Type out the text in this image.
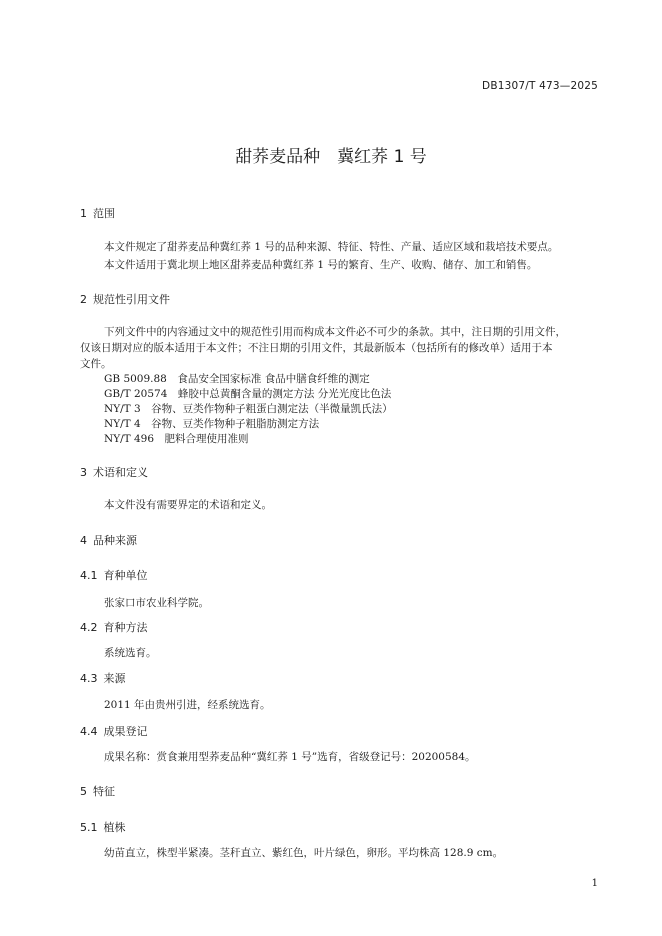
DB1307/T 473—2025
甜荞麦品种　冀红荞 1 号
1 范围
本文件规定了甜荞麦品种冀红荞 1 号的品种来源、特征、特性、产量、适应区域和栽培技术要点。
本文件适用于冀北坝上地区甜荞麦品种冀红荞 1 号的繁育、生产、收购、储存、加工和销售。
2 规范性引用文件
下列文件中的内容通过文中的规范性引用而构成本文件必不可少的条款。其中，注日期的引用文件，
仅该日期对应的版本适用于本文件；不注日期的引用文件，其最新版本（包括所有的修改单）适用于本
文件。
GB 5009.88　食品安全国家标准 食品中膳食纤维的测定
GB/T 20574　蜂胶中总黄酮含量的测定方法 分光光度比色法
NY/T 3　谷物、豆类作物种子粗蛋白测定法（半微量凯氏法）
NY/T 4　谷物、豆类作物种子粗脂肪测定方法
NY/T 496　肥料合理使用准则
3 术语和定义
本文件没有需要界定的术语和定义。
4 品种来源
4.1 育种单位
张家口市农业科学院。
4.2 育种方法
系统选育。
4.3 来源
2011 年由贵州引进，经系统选育。
4.4 成果登记
成果名称：赏食兼用型荞麦品种“冀红荞 1 号”选育，省级登记号：20200584。
5 特征
5.1 植株
幼苗直立，株型半紧凑。茎秆直立、紫红色，叶片绿色，卵形。平均株高 128.9 cm。
1
